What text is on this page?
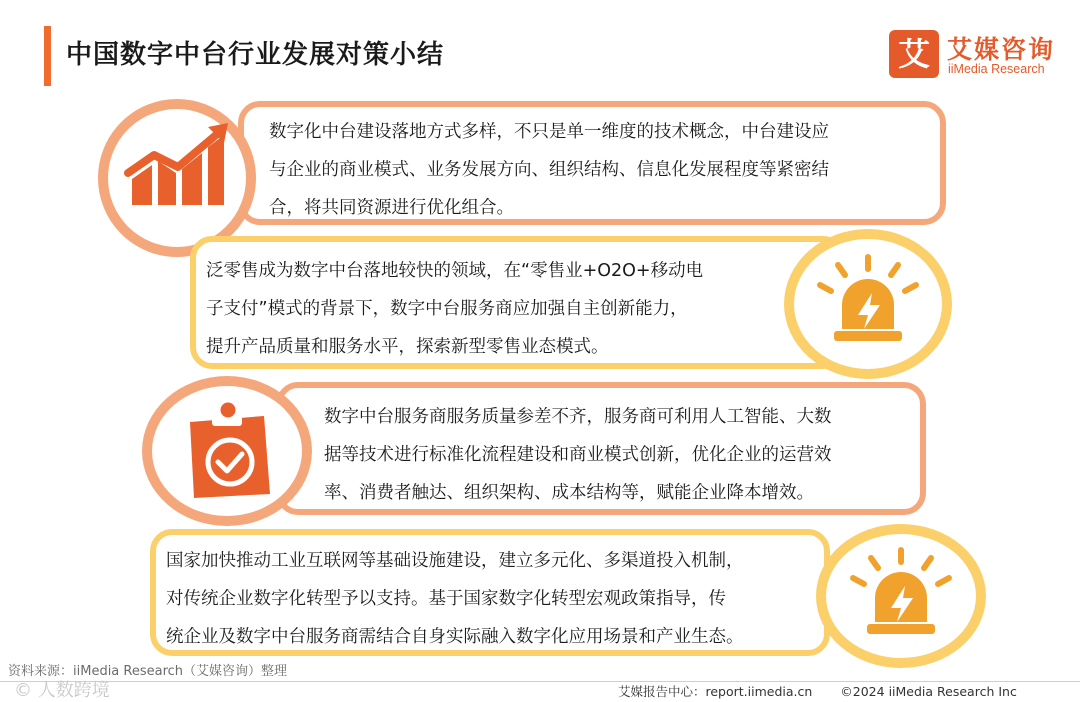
中国数字中台行业发展对策小结	艾 艾媒咨询
iiMedia Research

数字化中台建设落地方式多样，不只是单一维度的技术概念，中台建设应
与企业的商业模式、业务发展方向、组织结构、信息化发展程度等紧密结
合，将共同资源进行优化组合。

泛零售成为数字中台落地较快的领域，在“零售业+O2O+移动电
子支付”模式的背景下，数字中台服务商应加强自主创新能力，
提升产品质量和服务水平，探索新型零售业态模式。

数字中台服务商服务质量参差不齐，服务商可利用人工智能、大数
据等技术进行标准化流程建设和商业模式创新，优化企业的运营效
率、消费者触达、组织架构、成本结构等，赋能企业降本增效。

国家加快推动工业互联网等基础设施建设，建立多元化、多渠道投入机制，
对传统企业数字化转型予以支持。基于国家数字化转型宏观政策指导，传
统企业及数字中台服务商需结合自身实际融入数字化应用场景和产业生态。

资料来源：iiMedia Research（艾媒咨询）整理
© 人数跨境	艾媒报告中心：report.iimedia.cn ©2024 iiMedia Research Inc
